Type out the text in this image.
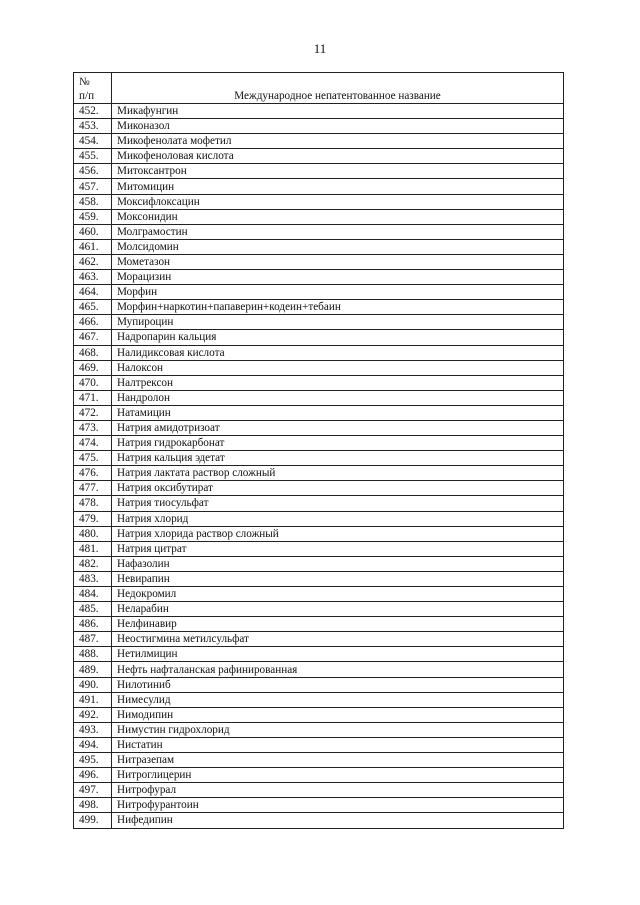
11
№
п/п	Международное непатентованное название
452.	Микафунгин
453.	Миконазол
454.	Микофенолата мофетил
455.	Микофеноловая кислота
456.	Митоксантрон
457.	Митомицин
458.	Моксифлоксацин
459.	Моксонидин
460.	Молграмостин
461.	Молсидомин
462.	Мометазон
463.	Морацизин
464.	Морфин
465.	Морфин+наркотин+папаверин+кодеин+тебаин
466.	Мупироцин
467.	Надропарин кальция
468.	Налидиксовая кислота
469.	Налоксон
470.	Налтрексон
471.	Нандролон
472.	Натамицин
473.	Натрия амидотризоат
474.	Натрия гидрокарбонат
475.	Натрия кальция эдетат
476.	Натрия лактата раствор сложный
477.	Натрия оксибутират
478.	Натрия тиосульфат
479.	Натрия хлорид
480.	Натрия хлорида раствор сложный
481.	Натрия цитрат
482.	Нафазолин
483.	Невирапин
484.	Недокромил
485.	Неларабин
486.	Нелфинавир
487.	Неостигмина метилсульфат
488.	Нетилмицин
489.	Нефть нафталанская рафинированная
490.	Нилотиниб
491.	Нимесулид
492.	Нимодипин
493.	Нимустин гидрохлорид
494.	Нистатин
495.	Нитразепам
496.	Нитроглицерин
497.	Нитрофурал
498.	Нитрофурантоин
499.	Нифедипин
